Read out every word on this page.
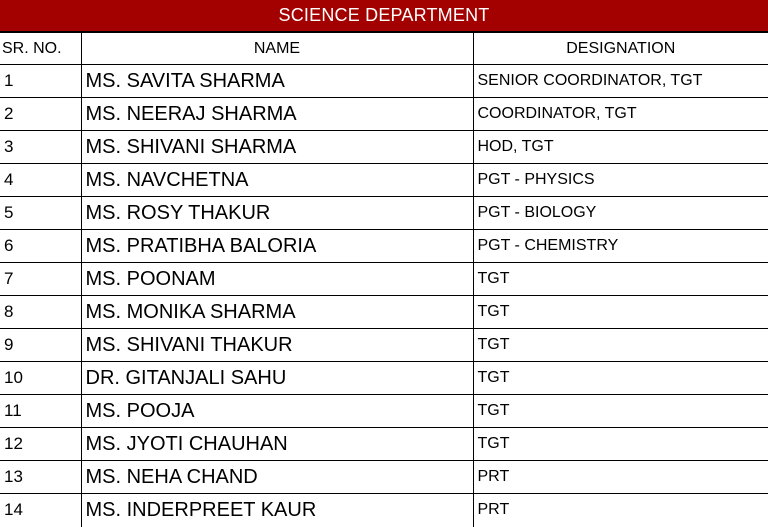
SCIENCE DEPARTMENT
SR. NO.	NAME	DESIGNATION
1	MS. SAVITA SHARMA	SENIOR COORDINATOR, TGT
2	MS. NEERAJ SHARMA	COORDINATOR, TGT
3	MS. SHIVANI SHARMA	HOD, TGT
4	MS. NAVCHETNA	PGT - PHYSICS
5	MS. ROSY THAKUR	PGT - BIOLOGY
6	MS. PRATIBHA BALORIA	PGT - CHEMISTRY
7	MS. POONAM	TGT
8	MS. MONIKA SHARMA	TGT
9	MS. SHIVANI THAKUR	TGT
10	DR. GITANJALI SAHU	TGT
11	MS. POOJA	TGT
12	MS. JYOTI CHAUHAN	TGT
13	MS. NEHA CHAND	PRT
14	MS. INDERPREET KAUR	PRT
